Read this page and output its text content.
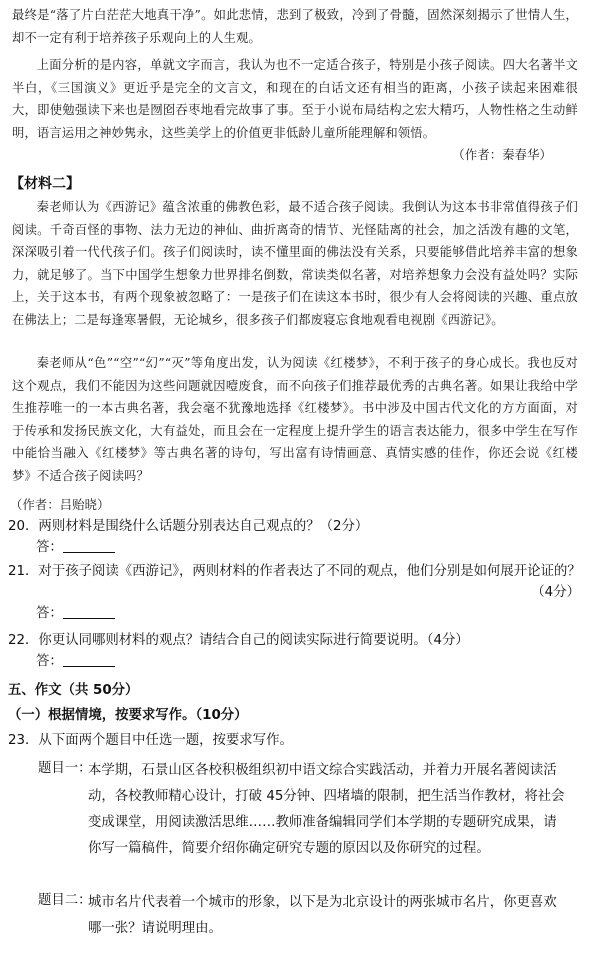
最终是“落了片白茫茫大地真干净”。如此悲情，悲到了极致，冷到了骨髓，固然深刻揭示了世情人生，却不一定有利于培养孩子乐观向上的人生观。

上面分析的是内容，单就文字而言，我认为也不一定适合孩子，特别是小孩子阅读。四大名著半文半白，《三国演义》更近乎是完全的文言文，和现在的白话文还有相当的距离，小孩子读起来困难很大，即使勉强读下来也是囫囵吞枣地看完故事了事。至于小说布局结构之宏大精巧，人物性格之生动鲜明，语言运用之神妙隽永，这些美学上的价值更非低龄儿童所能理解和领悟。

（作者：秦春华）

【材料二】

秦老师认为《西游记》蕴含浓重的佛教色彩，最不适合孩子阅读。我倒认为这本书非常值得孩子们阅读。千奇百怪的事物、法力无边的神仙、曲折离奇的情节、光怪陆离的社会，加之活泼有趣的文笔，深深吸引着一代代孩子们。孩子们阅读时，读不懂里面的佛法没有关系，只要能够借此培养丰富的想象力，就足够了。当下中国学生想象力世界排名倒数，常读类似名著，对培养想象力会没有益处吗？实际上，关于这本书，有两个现象被忽略了：一是孩子们在读这本书时，很少有人会将阅读的兴趣、重点放在佛法上；二是每逢寒暑假，无论城乡，很多孩子们都废寝忘食地观看电视剧《西游记》。

秦老师从“色”“空”“幻”“灭”等角度出发，认为阅读《红楼梦》，不利于孩子的身心成长。我也反对这个观点，我们不能因为这些问题就因噎废食，而不向孩子们推荐最优秀的古典名著。如果让我给中学生推荐唯一的一本古典名著，我会毫不犹豫地选择《红楼梦》。书中涉及中国古代文化的方方面面，对于传承和发扬民族文化，大有益处，而且会在一定程度上提升学生的语言表达能力，很多中学生在写作中能恰当融入《红楼梦》等古典名著的诗句，写出富有诗情画意、真情实感的佳作，你还会说《红楼梦》不适合孩子阅读吗？

（作者：吕贻晓）

20．两则材料是围绕什么话题分别表达自己观点的？（2分）

答：

21．对于孩子阅读《西游记》，两则材料的作者表达了不同的观点，他们分别是如何展开论证的？

（4分）

答：

22．你更认同哪则材料的观点？请结合自己的阅读实际进行简要说明。（4分）

答：

五、作文（共 50分）

（一）根据情境，按要求写作。（10分）

23．从下面两个题目中任选一题，按要求写作。

题目一：

本学期，石景山区各校积极组织初中语文综合实践活动，并着力开展名著阅读活动，各校教师精心设计，打破 45分钟、四堵墙的限制，把生活当作教材，将社会变成课堂，用阅读激活思维……教师准备编辑同学们本学期的专题研究成果，请你写一篇稿件，简要介绍你确定研究专题的原因以及你研究的过程。

题目二：

城市名片代表着一个城市的形象，以下是为北京设计的两张城市名片，你更喜欢哪一张？请说明理由。
